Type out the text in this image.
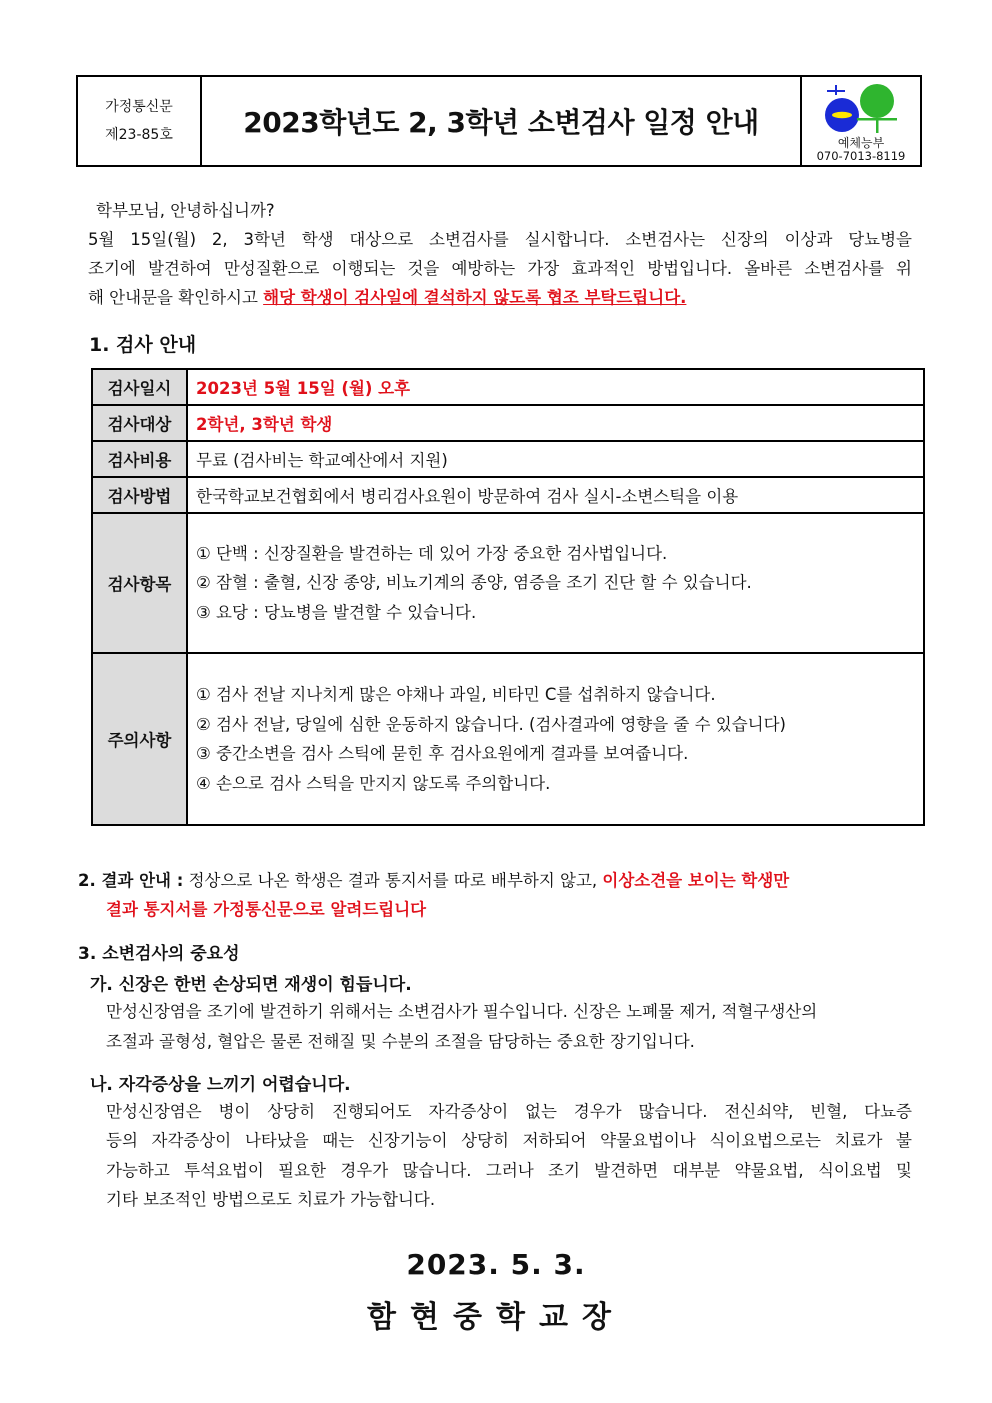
가정통신문
제23-85호	2023학년도 2, 3학년 소변검사 일정 안내
예체능부
070-7013-8119
학부모님, 안녕하십니까?
5월 15일(월) 2, 3학년 학생 대상으로 소변검사를 실시합니다. 소변검사는 신장의 이상과 당뇨병을
조기에 발견하여 만성질환으로 이행되는 것을 예방하는 가장 효과적인 방법입니다. 올바른 소변검사를 위
해 안내문을 확인하시고 해당 학생이 검사일에 결석하지 않도록 협조 부탁드립니다.
1. 검사 안내
검사일시	2023년 5월 15일 (월) 오후
검사대상	2학년, 3학년 학생
검사비용	무료 (검사비는 학교예산에서 지원)
검사방법	한국학교보건협회에서 병리검사요원이 방문하여 검사 실시-소변스틱을 이용
검사항목	① 단백 : 신장질환을 발견하는 데 있어 가장 중요한 검사법입니다.
② 잠혈 : 출혈, 신장 종양, 비뇨기계의 종양, 염증을 조기 진단 할 수 있습니다.
③ 요당 : 당뇨병을 발견할 수 있습니다.

주의사항	① 검사 전날 지나치게 많은 야채나 과일, 비타민 C를 섭취하지 않습니다.
② 검사 전날, 당일에 심한 운동하지 않습니다. (검사결과에 영향을 줄 수 있습니다)
③ 중간소변을 검사 스틱에 묻힌 후 검사요원에게 결과를 보여줍니다.
④ 손으로 검사 스틱을 만지지 않도록 주의합니다.
2. 결과 안내 : 정상으로 나온 학생은 결과 통지서를 따로 배부하지 않고, 이상소견을 보이는 학생만
결과 통지서를 가정통신문으로 알려드립니다
3. 소변검사의 중요성
가. 신장은 한번 손상되면 재생이 힘듭니다.
만성신장염을 조기에 발견하기 위해서는 소변검사가 필수입니다. 신장은 노폐물 제거, 적혈구생산의
조절과 골형성, 혈압은 물론 전해질 및 수분의 조절을 담당하는 중요한 장기입니다.
나. 자각증상을 느끼기 어렵습니다.
만성신장염은 병이 상당히 진행되어도 자각증상이 없는 경우가 많습니다. 전신쇠약, 빈혈, 다뇨증
등의 자각증상이 나타났을 때는 신장기능이 상당히 저하되어 약물요법이나 식이요법으로는 치료가 불
가능하고 투석요법이 필요한 경우가 많습니다. 그러나 조기 발견하면 대부분 약물요법, 식이요법 및
기타 보조적인 방법으로도 치료가 가능합니다.
2023. 5. 3.
함현중학교장
